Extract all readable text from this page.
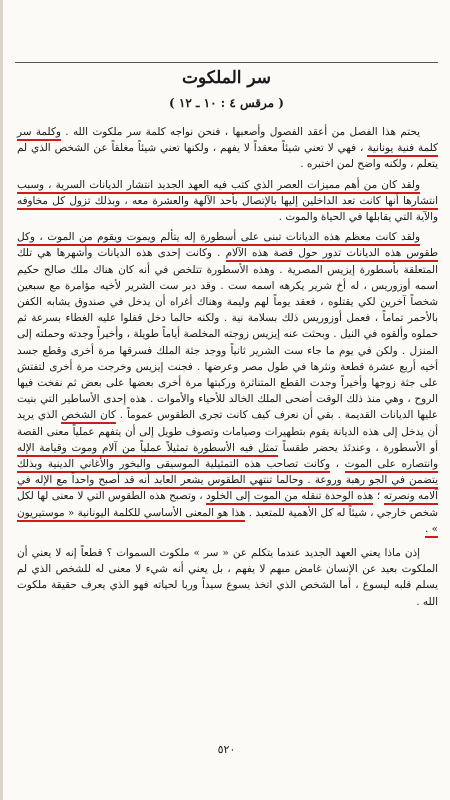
سر الملكوت
( مرقس ٤ : ١٠ ـ ١٢ )

يحتم هذا الفصل من أعقد الفصول وأصعبها ، فنحن نواجه كلمة سر ملكوت الله . وكلمة سر كلمة فنية يونانية ، فهي لا تعني شيئاً معقداً لا يفهم ، ولكنها تعني شيئاً مغلقاً عن الشخص الذي لم يتعلم ، ولكنه واضح لمن اختبره .

ولقد كان من أهم مميزات العصر الذي كتب فيه العهد الجديد انتشار الديانات السرية ، وسبب انتشارها أنها كانت تعد الداخلين إليها بالإتصال بأحد الآلهة والعشرة معه ، وبذلك تزول كل مخاوفه والآية التي يقابلها في الحياة والموت .

ولقد كانت معظم هذه الديانات تبنى على أسطورة إله يتألم ويموت ويقوم من الموت ، وكل طقوس هذه الديانات تدور حول قصة هذه الآلام . وكانت إحدى هذه الديانات وأشهرها هي تلك المتعلقة بأسطورة إيزيس المصرية . وهذه الأسطورة تتلخص في أنه كان هناك ملك صالح حكيم اسمه أوزوريس ، له أخ شرير يكرهه اسمه ست . وقد دبر ست الشرير لأخيه مؤامرة مع سبعين شخصاً آخرين لكي يقتلوه ، فعقد يوماً لهم وليمة وهناك أغراه أن يدخل في صندوق يشابه الكفن بالأحمر تماماً ، فعمل أوزوريس ذلك بسلامة نية . ولكنه حالما دخل قفلوا عليه الغطاء بسرعة ثم حملوه وألقوه في النيل . وبحثت عنه إيزيس زوجته المخلصة أياماً طويلة ، وأخيراً وجدته وحملته إلى المنزل . ولكن في يوم ما جاء ست الشرير ثانياً ووجد جثة الملك فسرقها مرة أخرى وقطع جسد أخيه أربع عشرة قطعة ونثرها في طول مصر وعرضها . فجنت إيزيس وخرجت مرة أخرى لتفتش على جثة زوجها وأخيراً وجدت القطع المتناثرة وركبتها مرة أخرى بعضها على بعض ثم نفخت فيها الروح ، وهي منذ ذلك الوقت أضحى الملك الخالد للأحياء والأموات . هذه إحدى الأساطير التي بنيت عليها الديانات القديمة . بقي أن نعرف كيف كانت تجرى الطقوس عموماً . كان الشخص الذي يريد أن يدخل إلى هذه الديانة يقوم بتطهيرات وصيامات وتصوف طويل إلى أن يتفهم عملياً معنى القصة أو الأسطورة ، وعندئذ يحضر طقساً تمثل فيه الأسطورة تمثيلاً عملياً من آلام وموت وقيامة الإله وانتصاره على الموت ، وكانت تصاحب هذه التمثيلية الموسيقى والبخور والأغاني الدينية وبذلك يتضمن في الجو رهبة وروعة . وحالما تنتهي الطقوس يشعر العابد أنه قد أصبح واحداً مع الإله في آلامه ونصرته ؛ هذه الوحدة تنقله من الموت إلى الخلود ، وتصبح هذه الطقوس التي لا معنى لها لكل شخص خارجي ، شيئاً له كل الأهمية للمتعبد . هذا هو المعنى الأساسي للكلمة اليونانية « موستيريون » .

إذن ماذا يعني العهد الجديد عندما يتكلم عن « سر » ملكوت السموات ؟ قطعاً إنه لا يعني أن الملكوت بعيد عن الإنسان غامض مبهم لا يفهم ، بل يعني أنه شيء لا معنى له للشخص الذي لم يسلم قلبه ليسوع ، أما الشخص الذي اتخذ يسوع سيداً وربا لحياته فهو الذي يعرف حقيقة ملكوت الله .

٥٢٠
